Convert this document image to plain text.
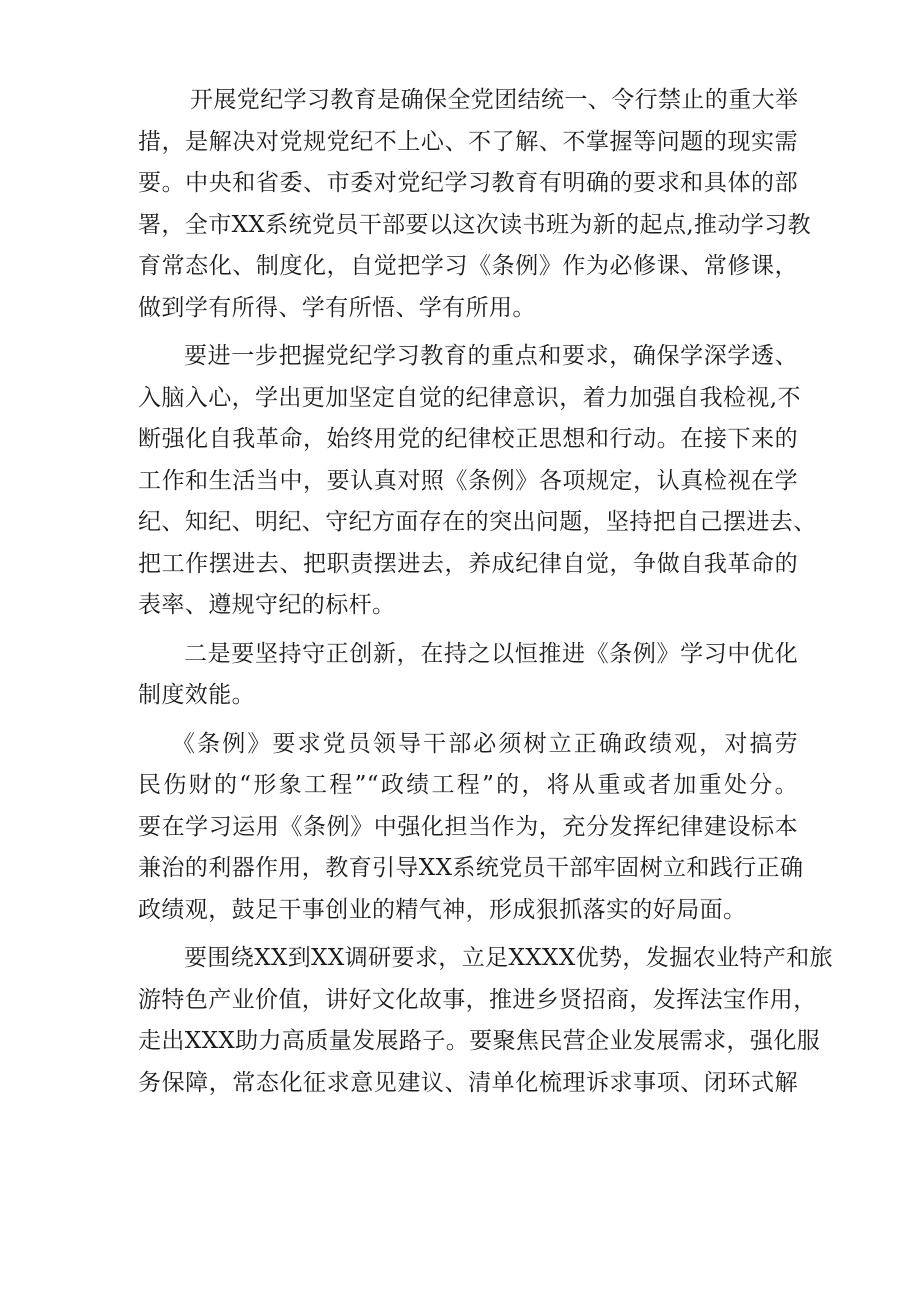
开展党纪学习教育是确保全党团结统一、令行禁止的重大举
措，是解决对党规党纪不上心、不了解、不掌握等问题的现实需
要。中央和省委、市委对党纪学习教育有明确的要求和具体的部
署，全市XX系统党员干部要以这次读书班为新的起点,推动学习教
育常态化、制度化，自觉把学习《条例》作为必修课、常修课，
做到学有所得、学有所悟、学有所用。
要进一步把握党纪学习教育的重点和要求，确保学深学透、
入脑入心，学出更加坚定自觉的纪律意识，着力加强自我检视,不
断强化自我革命，始终用党的纪律校正思想和行动。在接下来的
工作和生活当中，要认真对照《条例》各项规定，认真检视在学
纪、知纪、明纪、守纪方面存在的突出问题，坚持把自己摆进去、
把工作摆进去、把职责摆进去，养成纪律自觉，争做自我革命的
表率、遵规守纪的标杆。
二是要坚持守正创新，在持之以恒推进《条例》学习中优化
制度效能。
《条例》要求党员领导干部必须树立正确政绩观，对搞劳
民伤财的“形象工程”“政绩工程”的，将从重或者加重处分。
要在学习运用《条例》中强化担当作为，充分发挥纪律建设标本
兼治的利器作用，教育引导XX系统党员干部牢固树立和践行正确
政绩观，鼓足干事创业的精气神，形成狠抓落实的好局面。
要围绕XX到XX调研要求，立足XXXX优势，发掘农业特产和旅
游特色产业价值，讲好文化故事，推进乡贤招商，发挥法宝作用，
走出XXX助力高质量发展路子。要聚焦民营企业发展需求，强化服
务保障，常态化征求意见建议、清单化梳理诉求事项、闭环式解
